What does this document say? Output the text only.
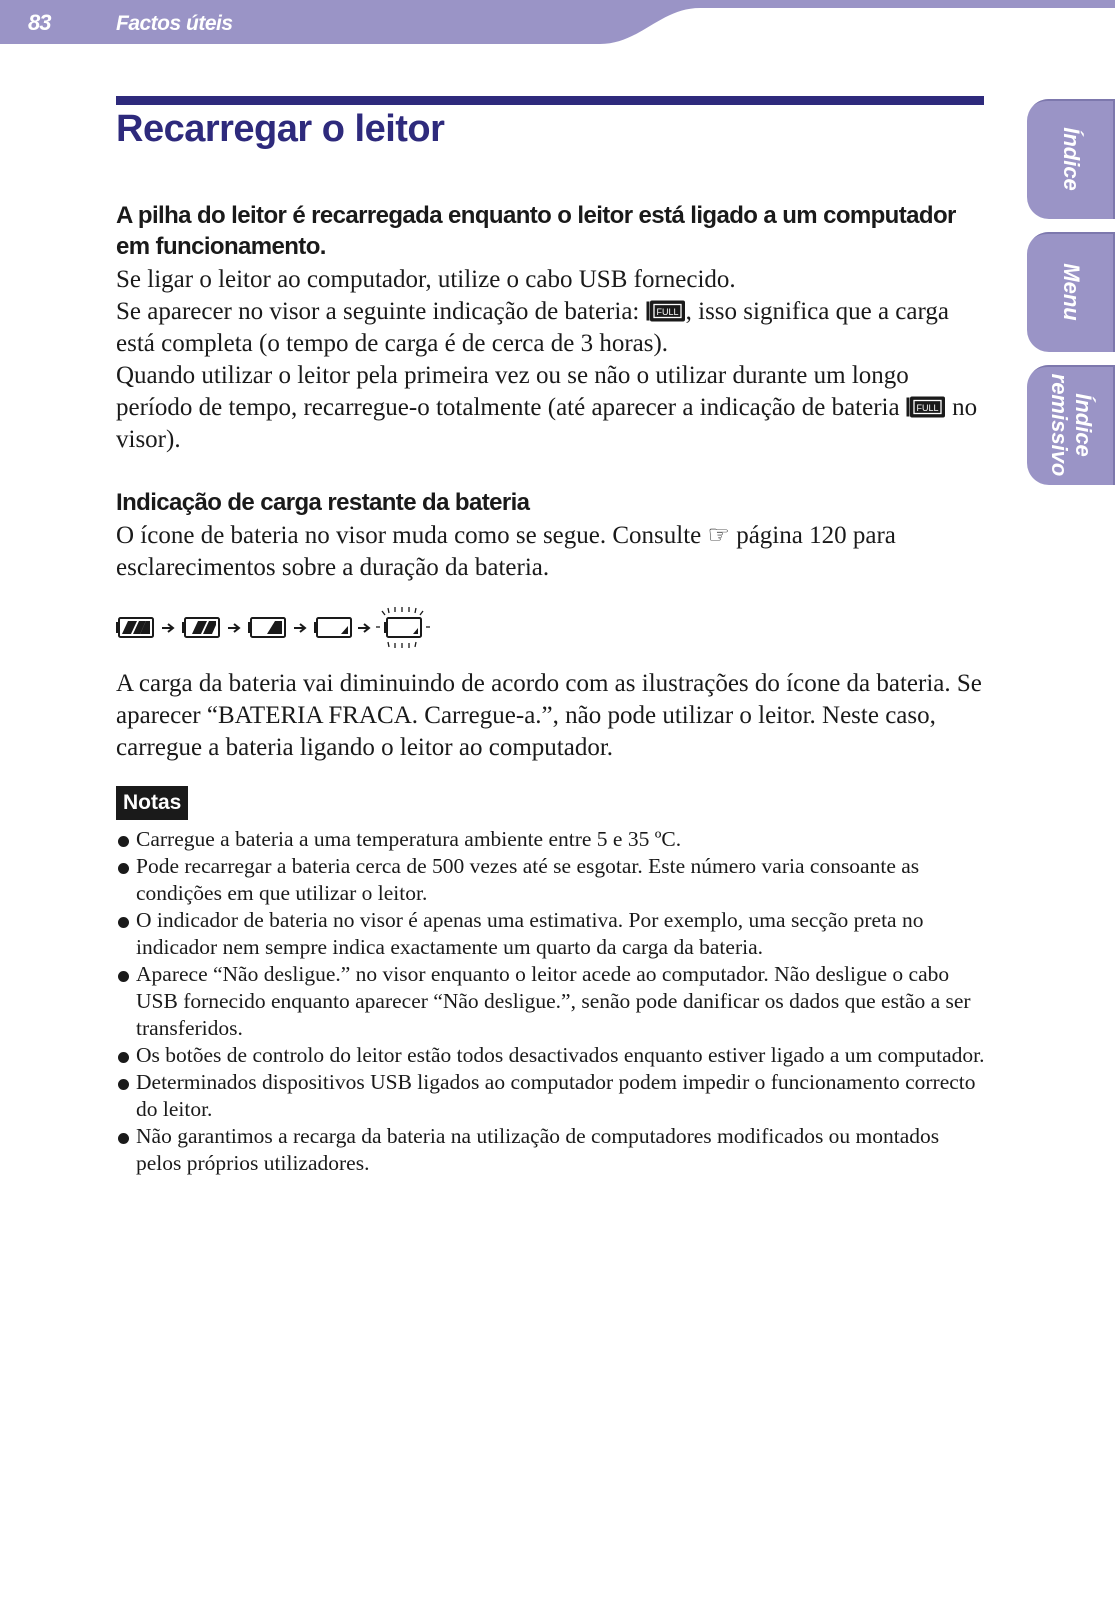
83	Factos úteis
Recarregar o leitor	Índice
Menu
Índice
remissivo

A pilha do leitor é recarregada enquanto o leitor está ligado a um computador em funcionamento.

Se ligar o leitor ao computador, utilize o cabo USB fornecido.

Se aparecer no visor a seguinte indicação de bateria: FULL , isso significa que a carga está completa (o tempo de carga é de cerca de 3 horas).

Quando utilizar o leitor pela primeira vez ou se não o utilizar durante um longo período de tempo, recarregue-o totalmente (até aparecer a indicação de bateria FULL no visor).

Indicação de carga restante da bateria

O ícone de bateria no visor muda como se segue. Consulte ☞ página 120 para esclarecimentos sobre a duração da bateria.

A carga da bateria vai diminuindo de acordo com as ilustrações do ícone da bateria. Se aparecer “BATERIA FRACA. Carregue-a.”, não pode utilizar o leitor. Neste caso, carregue a bateria ligando o leitor ao computador.

Notas
Carregue a bateria a uma temperatura ambiente entre 5 e 35 ºC.
Pode recarregar a bateria cerca de 500 vezes até se esgotar. Este número varia consoante as condições em que utilizar o leitor.
O indicador de bateria no visor é apenas uma estimativa. Por exemplo, uma secção preta no indicador nem sempre indica exactamente um quarto da carga da bateria.
Aparece “Não desligue.” no visor enquanto o leitor acede ao computador. Não desligue o cabo USB fornecido enquanto aparecer “Não desligue.”, senão pode danificar os dados que estão a ser transferidos.
Os botões de controlo do leitor estão todos desactivados enquanto estiver ligado a um computador.
Determinados dispositivos USB ligados ao computador podem impedir o funcionamento correcto do leitor.
Não garantimos a recarga da bateria na utilização de computadores modificados ou montados pelos próprios utilizadores.
